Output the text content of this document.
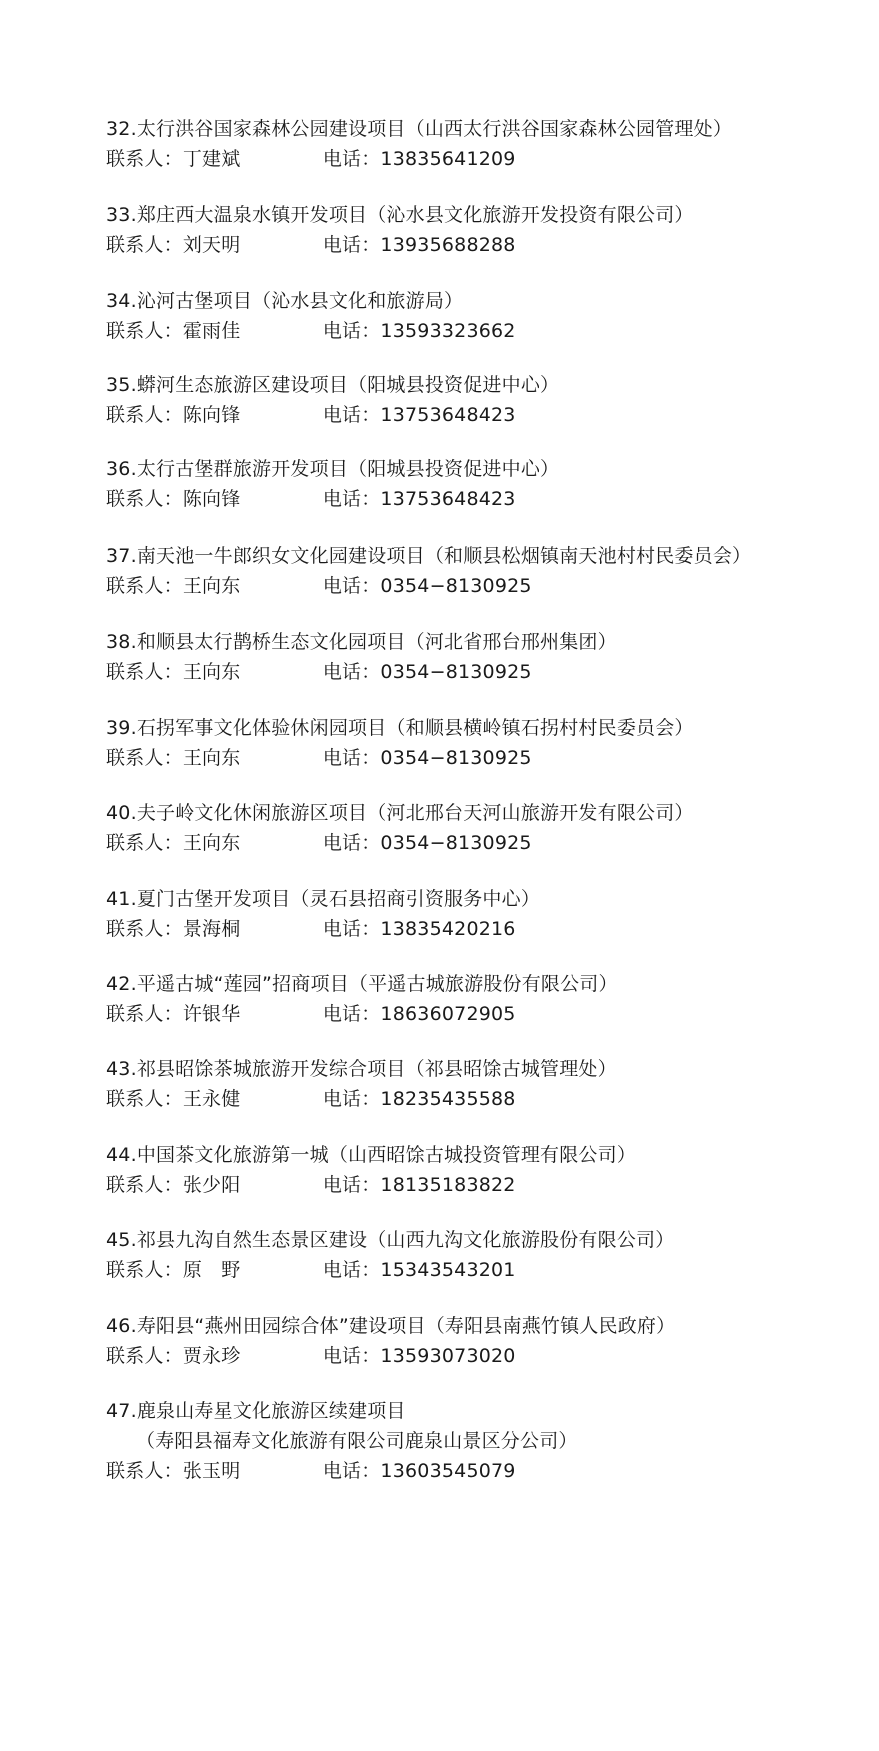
32.太行洪谷国家森林公园建设项目（山西太行洪谷国家森林公园管理处）
联系人：丁建斌	电话：13835641209
33.郑庄西大温泉水镇开发项目（沁水县文化旅游开发投资有限公司）
联系人：刘天明	电话：13935688288
34.沁河古堡项目（沁水县文化和旅游局）
联系人：霍雨佳	电话：13593323662
35.蟒河生态旅游区建设项目（阳城县投资促进中心）
联系人：陈向锋	电话：13753648423
36.太行古堡群旅游开发项目（阳城县投资促进中心）
联系人：陈向锋	电话：13753648423
37.南天池一牛郎织女文化园建设项目（和顺县松烟镇南天池村村民委员会）
联系人：王向东	电话：0354−8130925
38.和顺县太行鹊桥生态文化园项目（河北省邢台邢州集团）
联系人：王向东	电话：0354−8130925
39.石拐军事文化体验休闲园项目（和顺县横岭镇石拐村村民委员会）
联系人：王向东	电话：0354−8130925
40.夫子岭文化休闲旅游区项目（河北邢台天河山旅游开发有限公司）
联系人：王向东	电话：0354−8130925
41.夏门古堡开发项目（灵石县招商引资服务中心）
联系人：景海桐	电话：13835420216
42.平遥古城“莲园”招商项目（平遥古城旅游股份有限公司）
联系人：许银华	电话：18636072905
43.祁县昭馀茶城旅游开发综合项目（祁县昭馀古城管理处）
联系人：王永健	电话：18235435588
44.中国茶文化旅游第一城（山西昭馀古城投资管理有限公司）
联系人：张少阳	电话：18135183822
45.祁县九沟自然生态景区建设（山西九沟文化旅游股份有限公司）
联系人：原　野	电话：15343543201
46.寿阳县“燕州田园综合体”建设项目（寿阳县南燕竹镇人民政府）
联系人：贾永珍	电话：13593073020
47.鹿泉山寿星文化旅游区续建项目
（寿阳县福寿文化旅游有限公司鹿泉山景区分公司）
联系人：张玉明	电话：13603545079
